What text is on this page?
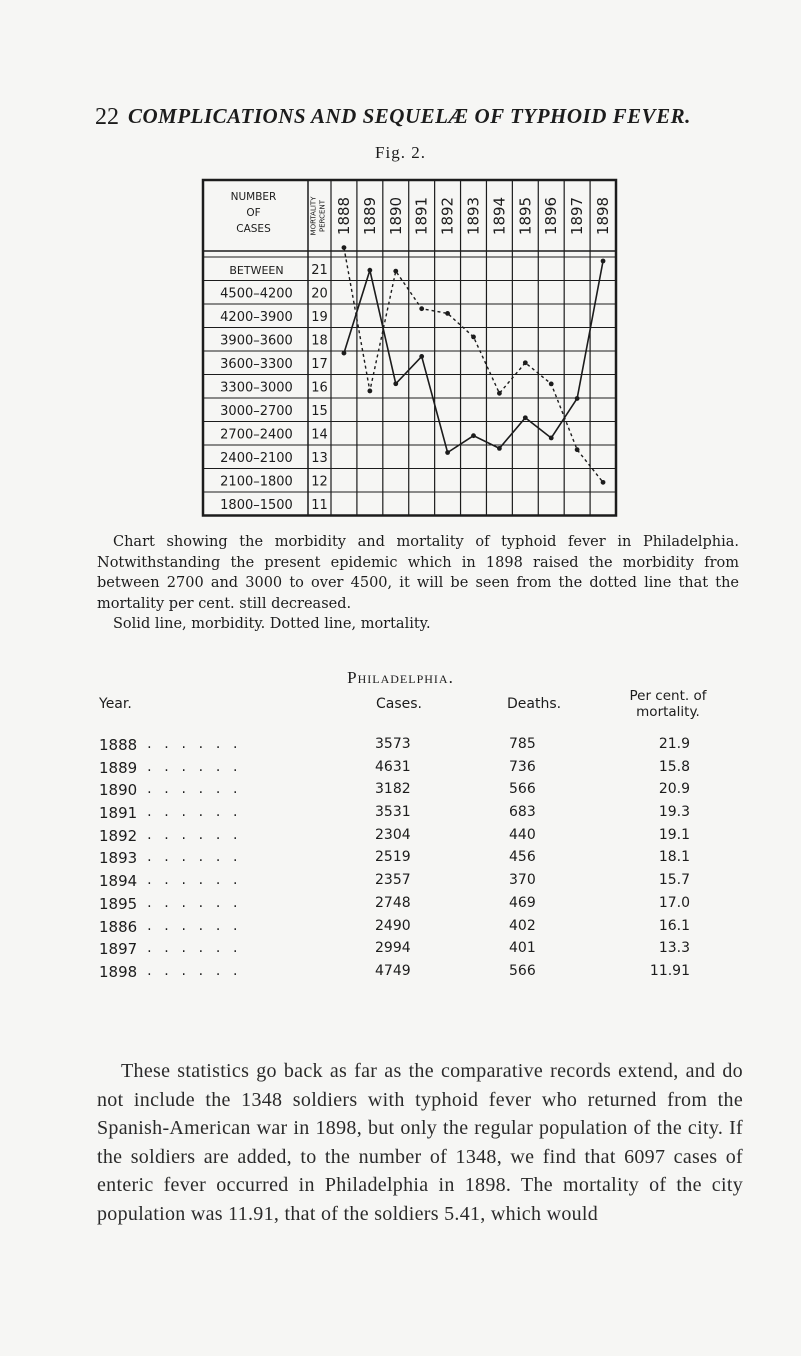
22 COMPLICATIONS AND SEQUELÆ OF TYPHOID FEVER.
Fig. 2.
NUMBER
OF
CASES	MORTALITY PERCENT 1888 1889 1890 1891 1892 1893 1894 1895 1896 1897 1898
BETWEEN 21
4500–4200 20
4200–3900 19
3900–3600 18
3600–3300 17
3300–3000 16
3000–2700 15
2700–2400 14
2400–2100 13
2100–1800 12
1800–1500 11

Chart showing the morbidity and mortality of typhoid fever in Philadelphia. Notwithstanding the present epidemic which in 1898 raised the morbidity from between 2700 and 3000 to over 4500, it will be seen from the dotted line that the mortality per cent. still decreased.

Solid line, morbidity. Dotted line, mortality.

Philadelphia.
Year.	Cases.	Deaths.	Per cent. of
mortality.
․․․․․․
1888	3573	785	21.9
․․․․․․
1889	4631	736	15.8
․․․․․․
1890	3182	566	20.9
․․․․․․
1891	3531	683	19.3
․․․․․․
1892	2304	440	19.1
․․․․․․
1893	2519	456	18.1
․․․․․․
1894	2357	370	15.7
․․․․․․
1895	2748	469	17.0
․․․․․․
1886	2490	402	16.1
․․․․․․
1897	2994	401	13.3
․․․․․․
1898	4749	566	11.91

These statistics go back as far as the comparative records extend, and do not include the 1348 soldiers with typhoid fever who returned from the Spanish-American war in 1898, but only the regular population of the city. If the soldiers are added, to the number of 1348, we find that 6097 cases of enteric fever occurred in Philadelphia in 1898. The mortality of the city population was 11.91, that of the soldiers 5.41, which would
